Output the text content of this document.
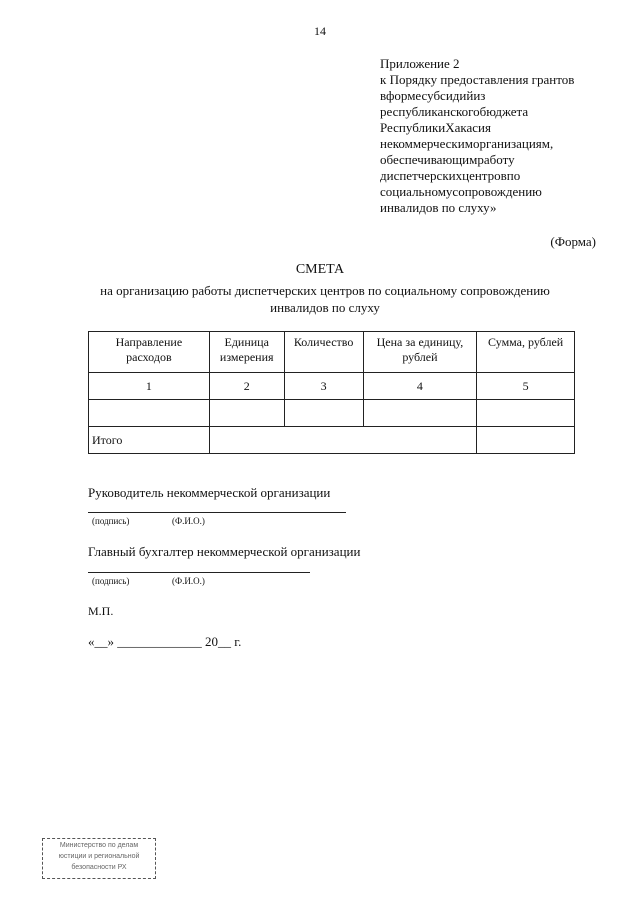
14
Приложение 2
к Порядку предоставления грантов
вформесубсидийиз
республиканскогобюджета
РеспубликиХакасия
некоммерческиморганизациям,
обеспечивающимработу
диспетчерскихцентровпо
социальномусопровождению
инвалидов по слуху»
(Форма)
СМЕТА
на организацию работы диспетчерских центров по социальному сопровождению
инвалидов по слуху
Направление расходов	Единица измерения	Количество	Цена за единицу, рублей	Сумма, рублей
1	2	3	4	5

Итого				
Руководитель некоммерческой организации
(подпись)	(Ф.И.О.)
Главный бухгалтер некоммерческой организации
(подпись)	(Ф.И.О.)
М.П.
«__» _____________ 20__ г.
Министерство по делам
юстиции и региональной
безопасности РХ
